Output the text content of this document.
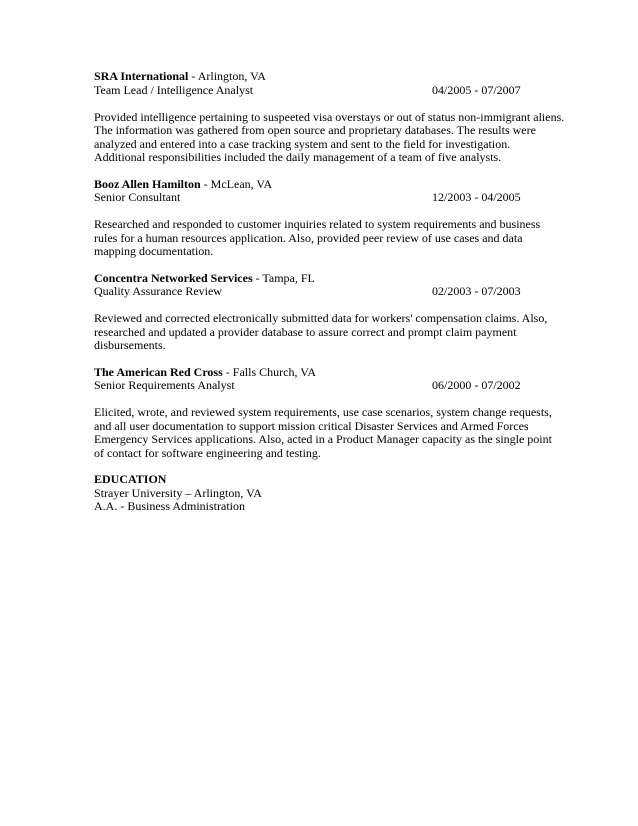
SRA International - Arlington, VA
Team Lead / Intelligence Analyst	04/2005 - 07/2007

Provided intelligence pertaining to suspeeted visa overstays or out of status non-immigrant aliens.

The information was gathered from open source and proprietary databases. The results were

analyzed and entered into a case tracking system and sent to the field for investigation.

Additional responsibilities included the daily management of a team of five analysts.

Booz Allen Hamilton - McLean, VA
Senior Consultant	12/2003 - 04/2005

Researched and responded to customer inquiries related to system requirements and business

rules for a human resources application. Also, provided peer review of use cases and data

mapping documentation.

Concentra Networked Services - Tampa, FL
Quality Assurance Review	02/2003 - 07/2003

Reviewed and corrected electronically submitted data for workers' compensation claims. Also,

researched and updated a provider database to assure correct and prompt claim payment

disbursements.

The American Red Cross - Falls Church, VA
Senior Requirements Analyst	06/2000 - 07/2002

Elicited, wrote, and reviewed system requirements, use case scenarios, system change requests,

and all user documentation to support mission critical Disaster Services and Armed Forces

Emergency Services applications. Also, acted in a Product Manager capacity as the single point

of contact for software engineering and testing.

EDUCATION
Strayer University – Arlington, VA
A.A. - Business Administration
